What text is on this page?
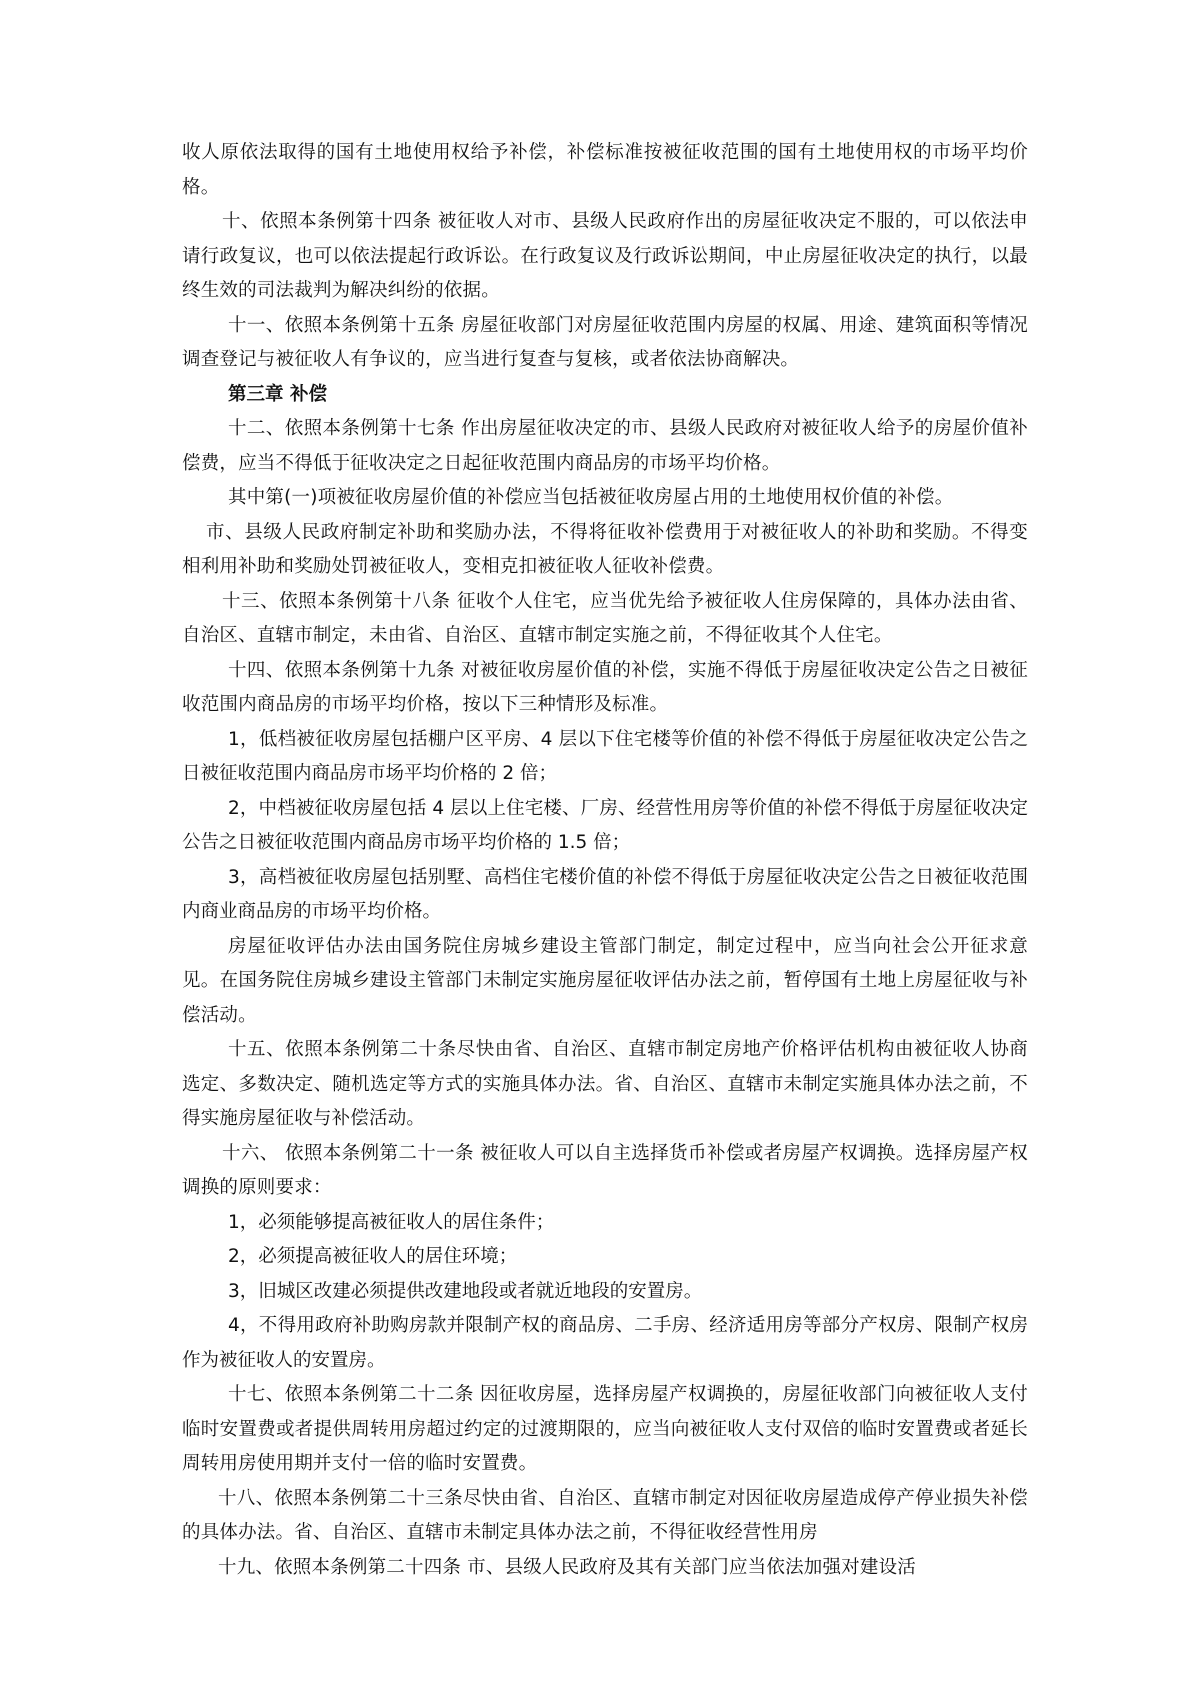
收人原依法取得的国有土地使用权给予补偿，补偿标准按被征收范围的国有土地使用权的市场平均价格。

十、依照本条例第十四条 被征收人对市、县级人民政府作出的房屋征收决定不服的，可以依法申请行政复议，也可以依法提起行政诉讼。在行政复议及行政诉讼期间，中止房屋征收决定的执行，以最终生效的司法裁判为解决纠纷的依据。

十一、依照本条例第十五条 房屋征收部门对房屋征收范围内房屋的权属、用途、建筑面积等情况调查登记与被征收人有争议的，应当进行复查与复核，或者依法协商解决。

第三章 补偿

十二、依照本条例第十七条 作出房屋征收决定的市、县级人民政府对被征收人给予的房屋价值补偿费，应当不得低于征收决定之日起征收范围内商品房的市场平均价格。

其中第(一)项被征收房屋价值的补偿应当包括被征收房屋占用的土地使用权价值的补偿。

市、县级人民政府制定补助和奖励办法，不得将征收补偿费用于对被征收人的补助和奖励。不得变相利用补助和奖励处罚被征收人，变相克扣被征收人征收补偿费。

十三、依照本条例第十八条 征收个人住宅，应当优先给予被征收人住房保障的，具体办法由省、自治区、直辖市制定，未由省、自治区、直辖市制定实施之前，不得征收其个人住宅。

十四、依照本条例第十九条 对被征收房屋价值的补偿，实施不得低于房屋征收决定公告之日被征收范围内商品房的市场平均价格，按以下三种情形及标准。

1，低档被征收房屋包括棚户区平房、4 层以下住宅楼等价值的补偿不得低于房屋征收决定公告之日被征收范围内商品房市场平均价格的 2 倍；

2，中档被征收房屋包括 4 层以上住宅楼、厂房、经营性用房等价值的补偿不得低于房屋征收决定公告之日被征收范围内商品房市场平均价格的 1.5 倍；

3，高档被征收房屋包括别墅、高档住宅楼价值的补偿不得低于房屋征收决定公告之日被征收范围内商业商品房的市场平均价格。

房屋征收评估办法由国务院住房城乡建设主管部门制定，制定过程中，应当向社会公开征求意见。在国务院住房城乡建设主管部门未制定实施房屋征收评估办法之前，暂停国有土地上房屋征收与补偿活动。

十五、依照本条例第二十条尽快由省、自治区、直辖市制定房地产价格评估机构由被征收人协商选定、多数决定、随机选定等方式的实施具体办法。省、自治区、直辖市未制定实施具体办法之前，不得实施房屋征收与补偿活动。

十六、 依照本条例第二十一条 被征收人可以自主选择货币补偿或者房屋产权调换。选择房屋产权调换的原则要求：

1，必须能够提高被征收人的居住条件；

2，必须提高被征收人的居住环境；

3，旧城区改建必须提供改建地段或者就近地段的安置房。

4，不得用政府补助购房款并限制产权的商品房、二手房、经济适用房等部分产权房、限制产权房作为被征收人的安置房。

十七、依照本条例第二十二条 因征收房屋，选择房屋产权调换的，房屋征收部门向被征收人支付临时安置费或者提供周转用房超过约定的过渡期限的，应当向被征收人支付双倍的临时安置费或者延长周转用房使用期并支付一倍的临时安置费。

十八、依照本条例第二十三条尽快由省、自治区、直辖市制定对因征收房屋造成停产停业损失补偿的具体办法。省、自治区、直辖市未制定具体办法之前，不得征收经营性用房

十九、依照本条例第二十四条 市、县级人民政府及其有关部门应当依法加强对建设活
